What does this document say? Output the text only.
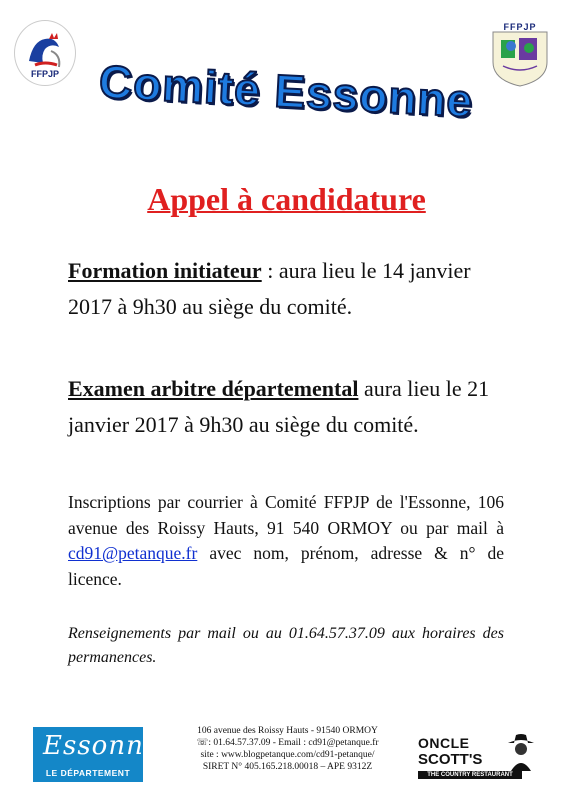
FFPJP
FFPJP
Comité Essonne
Appel à candidature
Formation initiateur : aura lieu le 14 janvier 2017 à 9h30 au siège du comité.
Examen arbitre départemental aura lieu le 21 janvier 2017 à 9h30 au siège du comité.
Inscriptions par courrier à Comité FFPJP de l'Essonne, 106 avenue des Roissy Hauts, 91 540 ORMOY ou par mail à cd91@petanque.fr avec nom, prénom, adresse & n° de licence.
Renseignements par mail ou au 01.64.57.37.09 aux horaires des permanences.
Essonne
LE DÉPARTEMENT
106 avenue des Roissy Hauts - 91540 ORMOY
☏: 01.64.57.37.09 - Email : cd91@petanque.fr
site : www.blogpetanque.com/cd91-petanque/
SIRET N° 405.165.218.00018 – APE 9312Z
ONCLE
SCOTT'S
THE COUNTRY RESTAURANT
